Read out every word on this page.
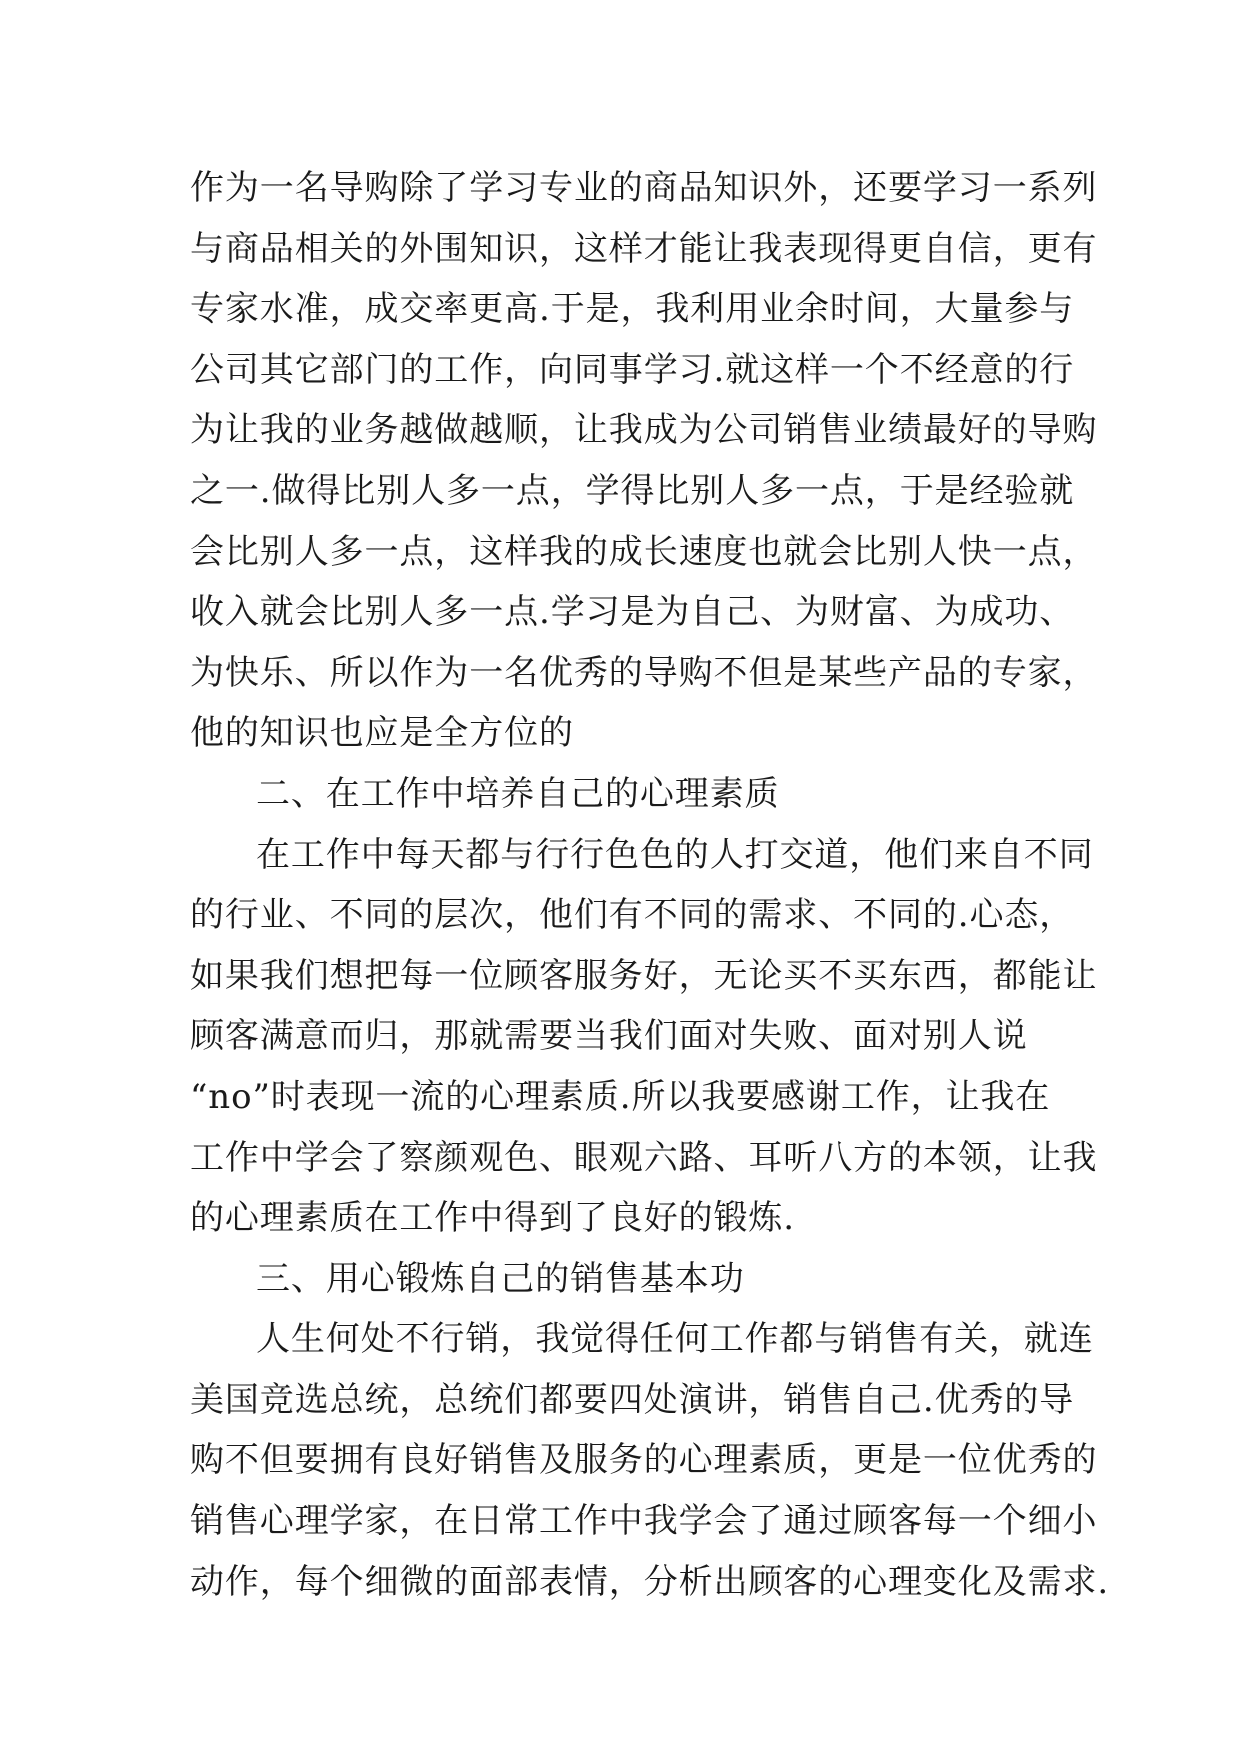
作为一名导购除了学习专业的商品知识外，还要学习一系列
与商品相关的外围知识，这样才能让我表现得更自信，更有
专家水准，成交率更高.于是，我利用业余时间，大量参与
公司其它部门的工作，向同事学习.就这样一个不经意的行
为让我的业务越做越顺，让我成为公司销售业绩最好的导购
之一.做得比别人多一点，学得比别人多一点，于是经验就
会比别人多一点，这样我的成长速度也就会比别人快一点，
收入就会比别人多一点.学习是为自己、为财富、为成功、
为快乐、所以作为一名优秀的导购不但是某些产品的专家，
他的知识也应是全方位的
二、在工作中培养自己的心理素质
在工作中每天都与行行色色的人打交道，他们来自不同
的行业、不同的层次，他们有不同的需求、不同的.心态，
如果我们想把每一位顾客服务好，无论买不买东西，都能让
顾客满意而归，那就需要当我们面对失败、面对别人说
“no”时表现一流的心理素质.所以我要感谢工作，让我在
工作中学会了察颜观色、眼观六路、耳听八方的本领，让我
的心理素质在工作中得到了良好的锻炼.
三、用心锻炼自己的销售基本功
人生何处不行销，我觉得任何工作都与销售有关，就连
美国竞选总统，总统们都要四处演讲，销售自己.优秀的导
购不但要拥有良好销售及服务的心理素质，更是一位优秀的
销售心理学家，在日常工作中我学会了通过顾客每一个细小
动作，每个细微的面部表情，分析出顾客的心理变化及需求.
